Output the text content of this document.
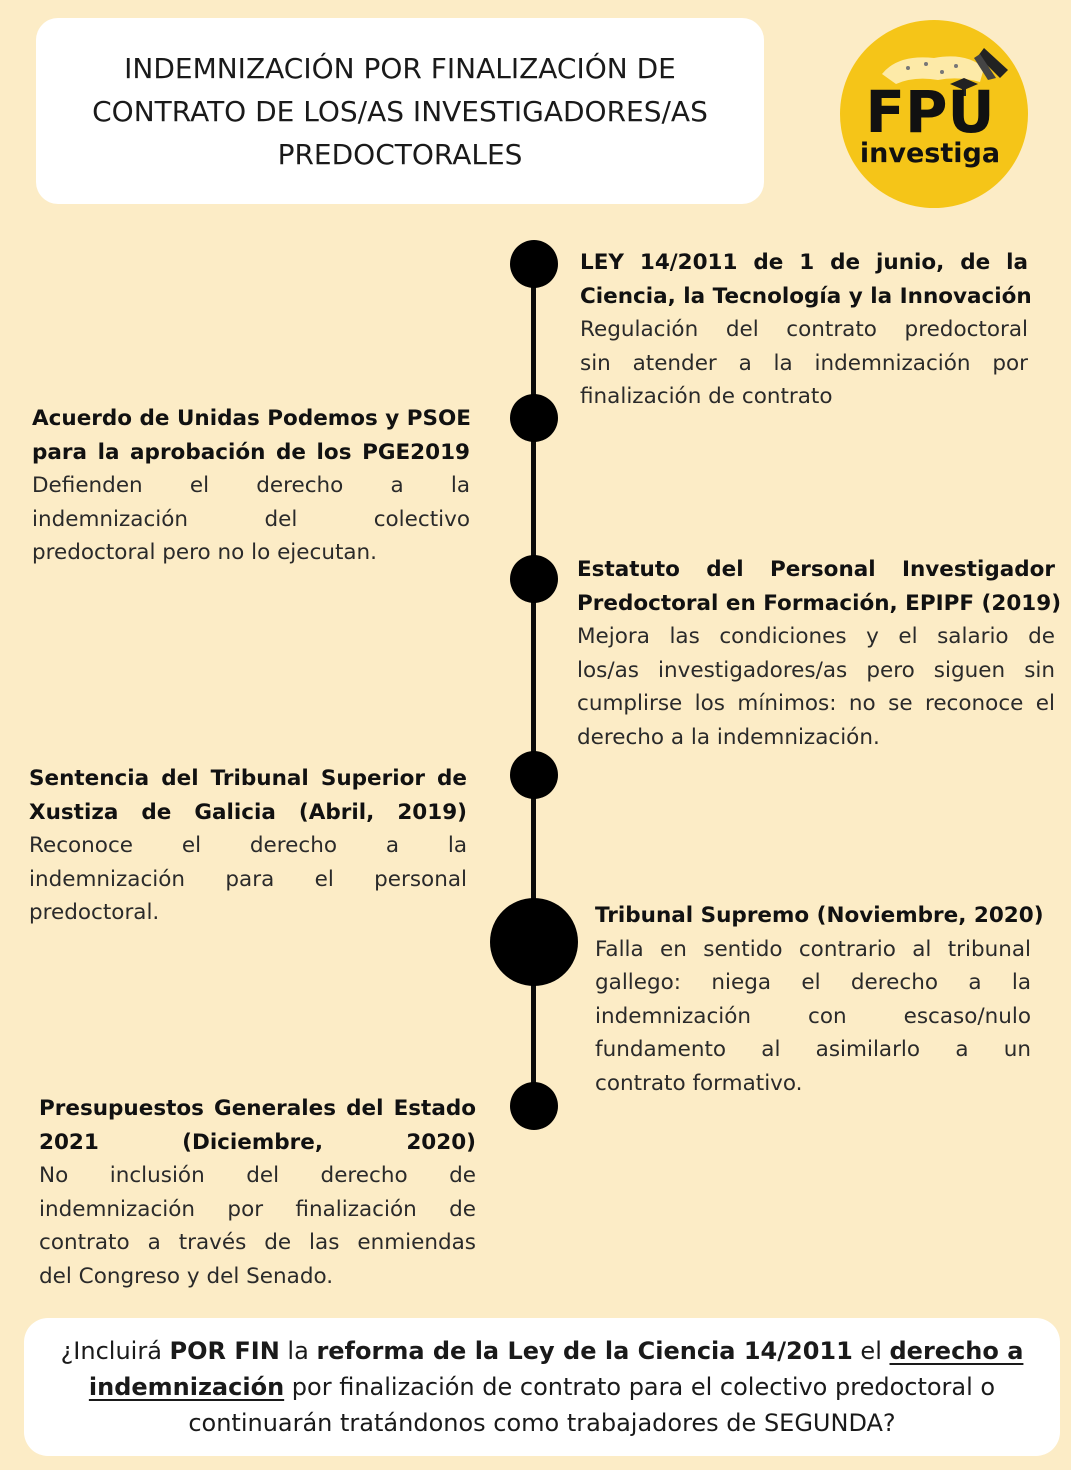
INDEMNIZACIÓN POR FINALIZACIÓN DE
CONTRATO DE LOS/AS INVESTIGADORES/AS
PREDOCTORALES
FPU
investiga
LEY 14/2011 de 1 de junio, de la
Ciencia, la Tecnología y la Innovación
Regulación del contrato predoctoral
sin atender a la indemnización por
finalización de contrato
Acuerdo de Unidas Podemos y PSOE
para la aprobación de los PGE2019
Defienden el derecho a la
indemnización del colectivo
predoctoral pero no lo ejecutan.
Estatuto del Personal Investigador
Predoctoral en Formación, EPIPF (2019)
Mejora las condiciones y el salario de
los/as investigadores/as pero siguen sin
cumplirse los mínimos: no se reconoce el
derecho a la indemnización.
Sentencia del Tribunal Superior de
Xustiza de Galicia (Abril, 2019)
Reconoce el derecho a la
indemnización para el personal
predoctoral.	Tribunal Supremo (Noviembre, 2020)
Falla en sentido contrario al tribunal
gallego: niega el derecho a la
indemnización con escaso/nulo
fundamento al asimilarlo a un
contrato formativo.
Presupuestos Generales del Estado
2021 (Diciembre, 2020)
No inclusión del derecho de
indemnización por finalización de
contrato a través de las enmiendas
del Congreso y del Senado.
¿Incluirá POR FIN la reforma de la Ley de la Ciencia 14/2011 el derecho a
indemnización por finalización de contrato para el colectivo predoctoral o
continuarán tratándonos como trabajadores de SEGUNDA?
